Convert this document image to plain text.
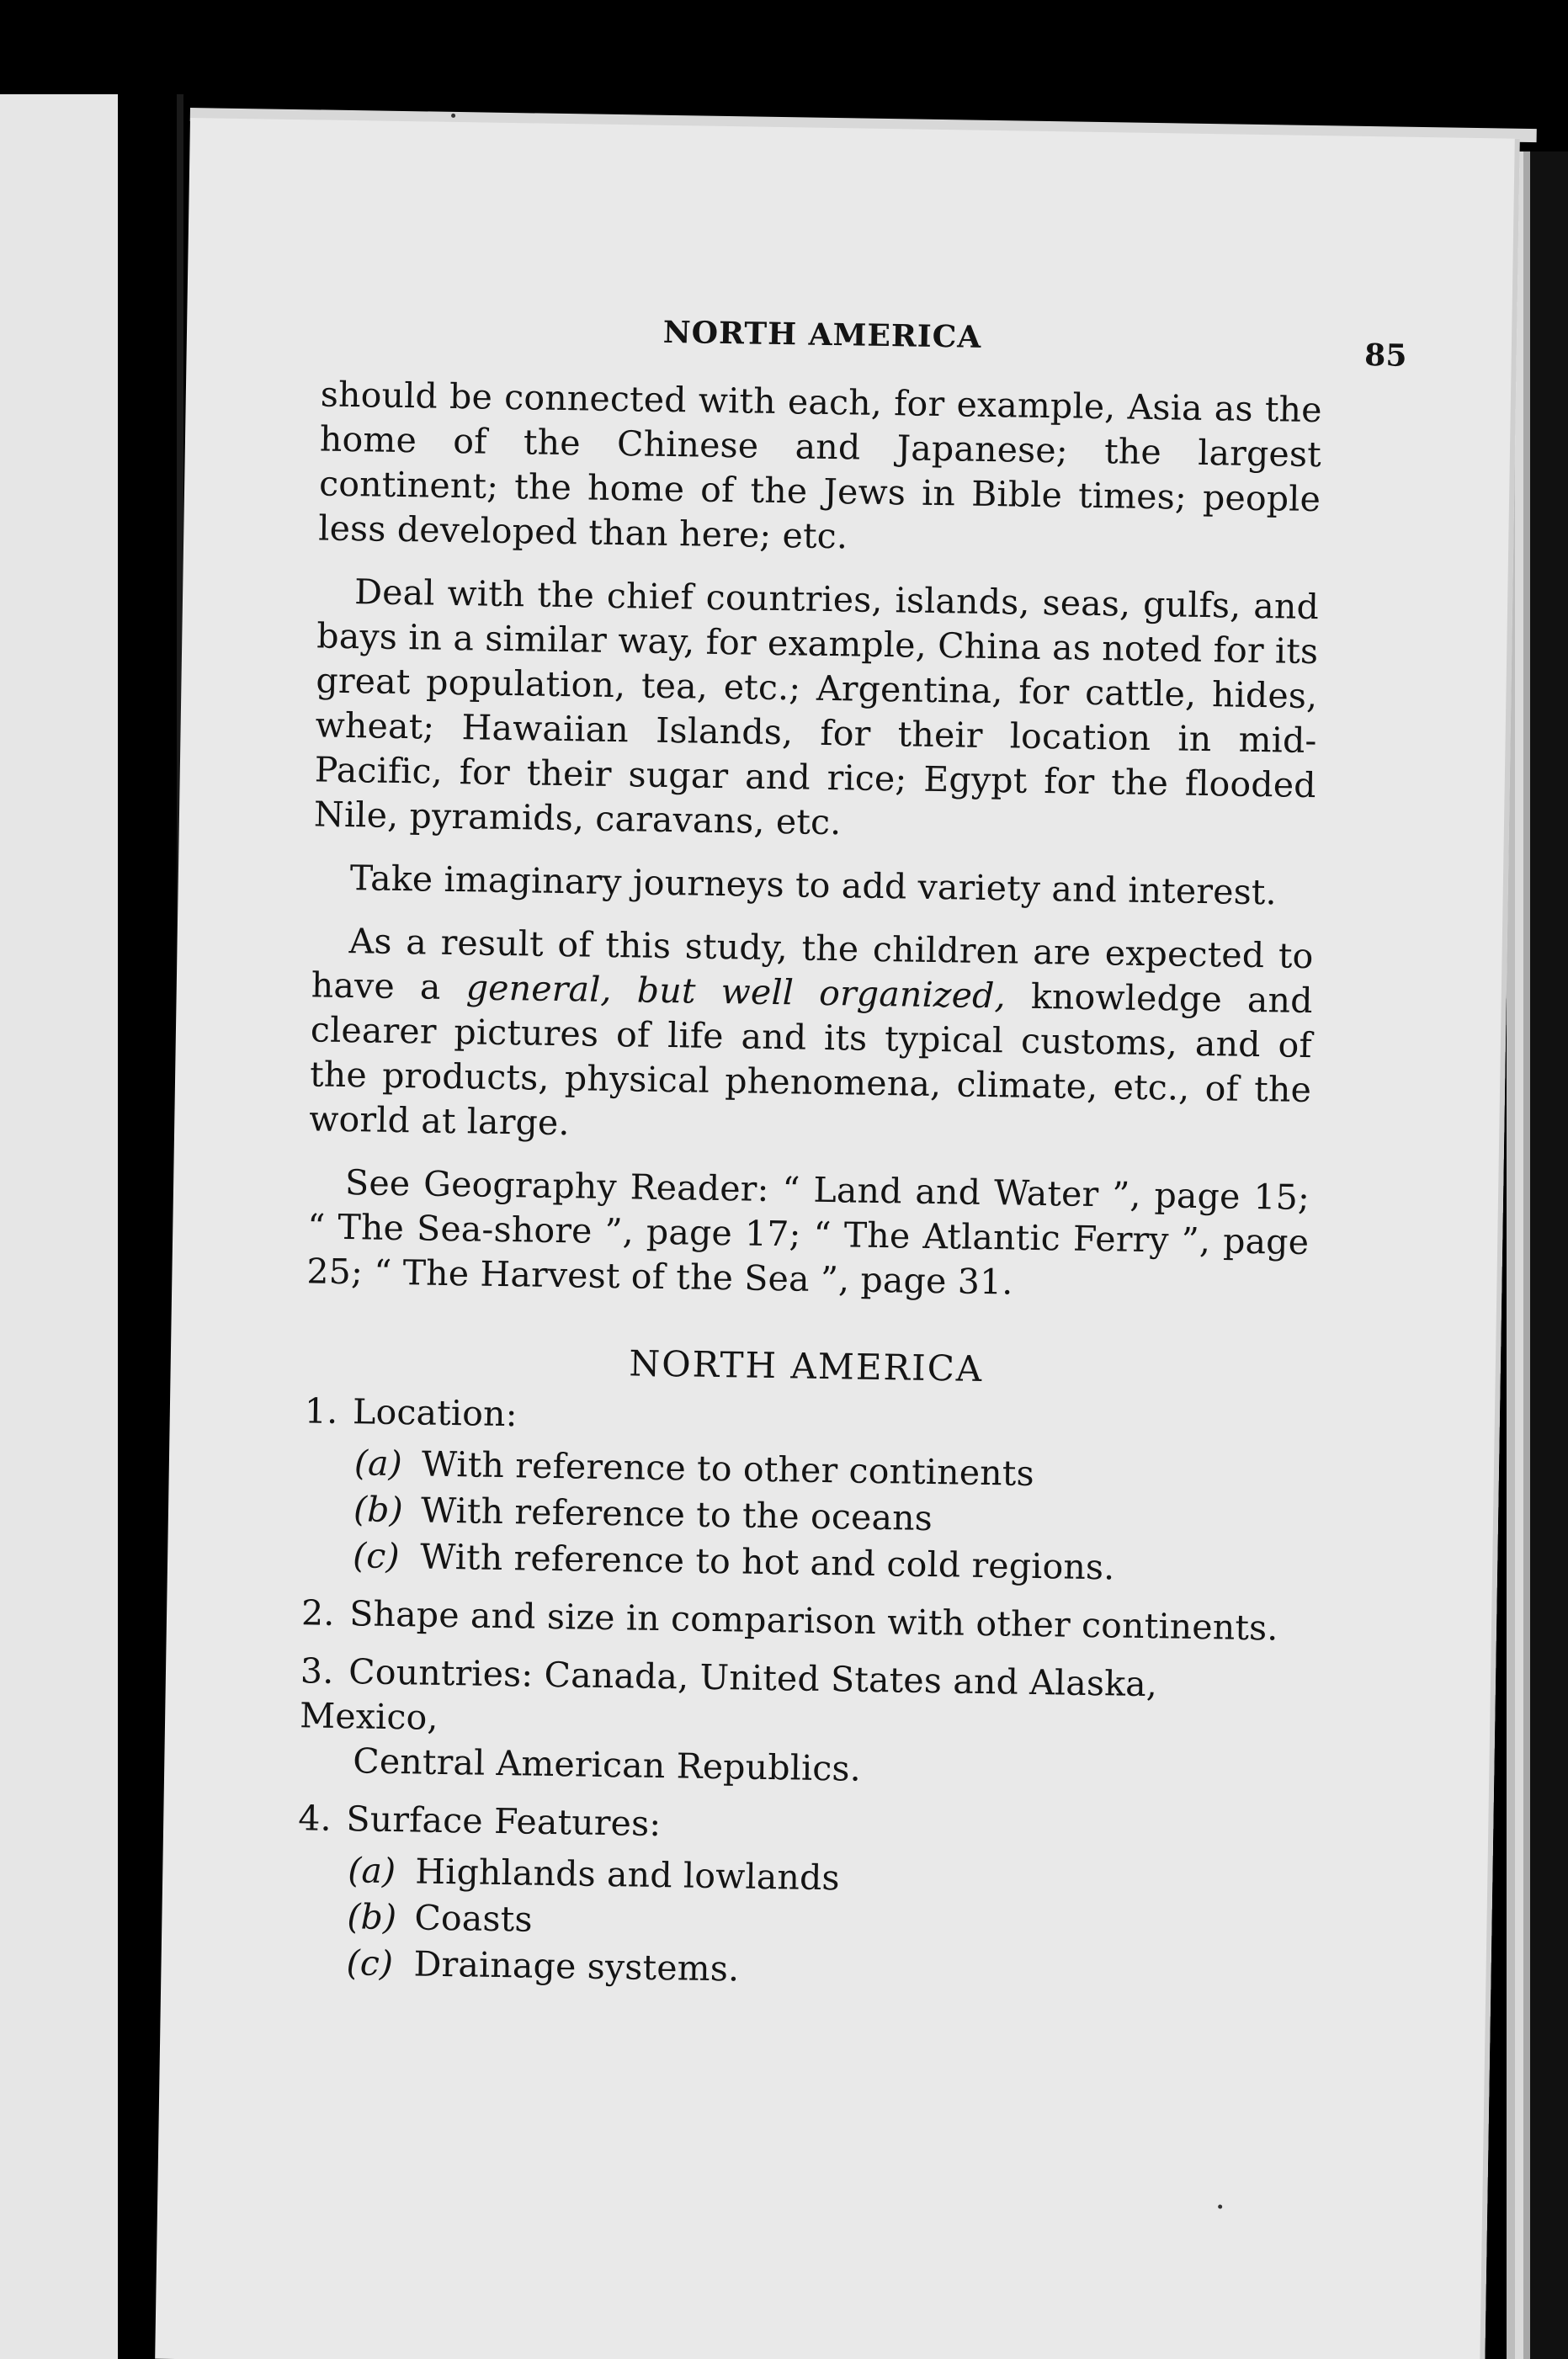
NORTH AMERICA
85

should be connected with each, for example, Asia as the home of the Chinese and Japanese; the largest continent; the home of the Jews in Bible times; people less developed than here; etc.

Deal with the chief countries, islands, seas, gulfs, and bays in a similar way, for example, China as noted for its great population, tea, etc.; Argentina, for cattle, hides, wheat; Hawaiian Islands, for their location in mid-Pacific, for their sugar and rice; Egypt for the flooded Nile, pyramids, caravans, etc.

Take imaginary journeys to add variety and interest.

As a result of this study, the children are expected to have a general, but well organized, knowledge and clearer pictures of life and its typical customs, and of the products, physical phenomena, climate, etc., of the world at large.

See Geography Reader: “ Land and Water ”, page 15; “ The Sea-shore ”, page 17; “ The Atlantic Ferry ”, page 25; “ The Harvest of the Sea ”, page 31.

NORTH AMERICA
1. Location:
(a) With reference to other continents
(b) With reference to the oceans
(c) With reference to hot and cold regions.
2. Shape and size in comparison with other continents.
3. Countries: Canada, United States and Alaska, Mexico,
Central American Republics.
4. Surface Features:
(a) Highlands and lowlands
(b) Coasts
(c) Drainage systems.
